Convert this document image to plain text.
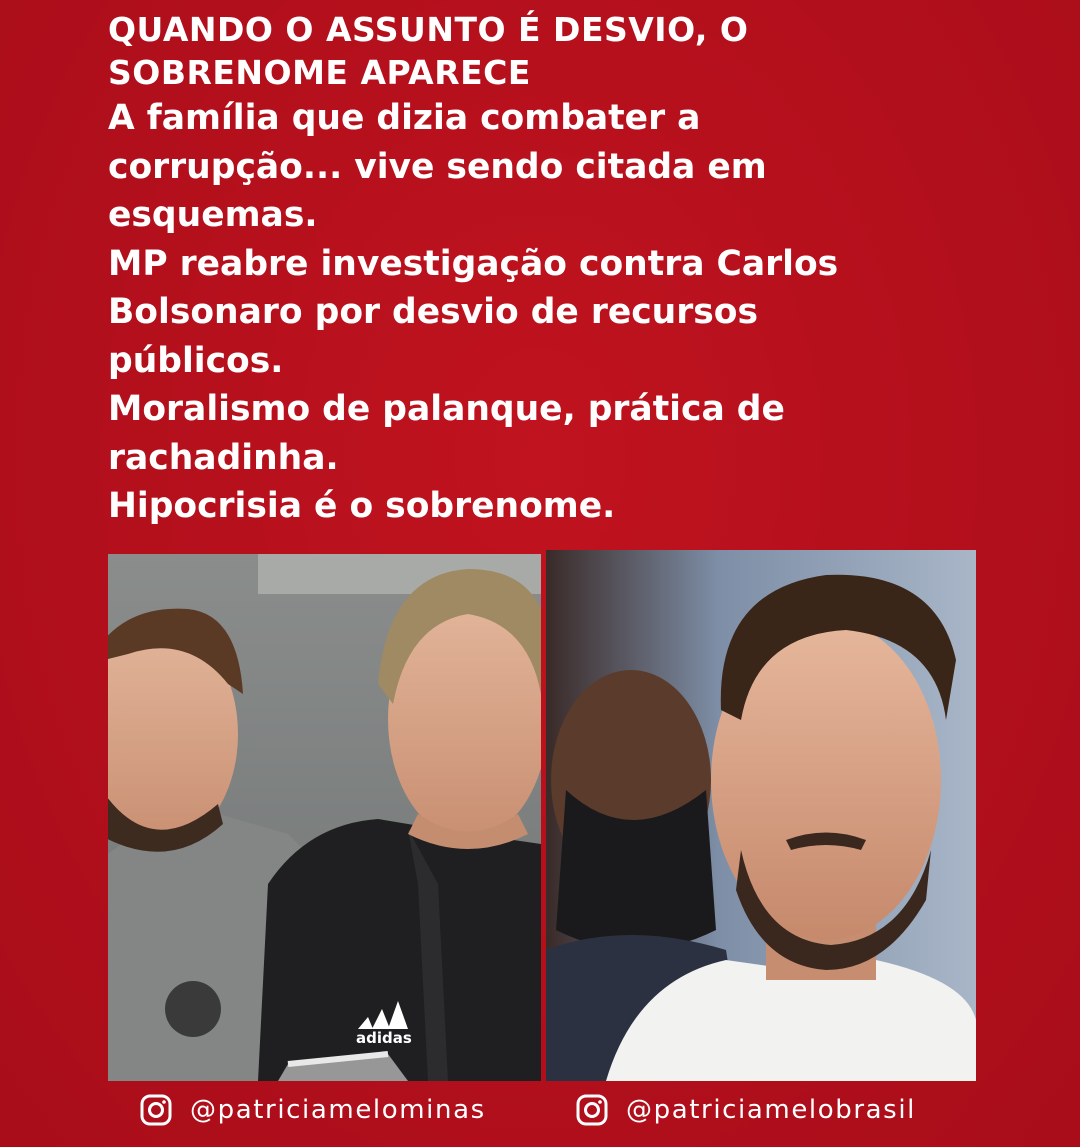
QUANDO O ASSUNTO É DESVIO, O

SOBRENOME APARECE

A família que dizia combater a

corrupção... vive sendo citada em

esquemas.

MP reabre investigação contra Carlos

Bolsonaro por desvio de recursos

públicos.

Moralismo de palanque, prática de

rachadinha.

Hipocrisia é o sobrenome.

adidas
@patriciamelominas	@patriciamelobrasil
